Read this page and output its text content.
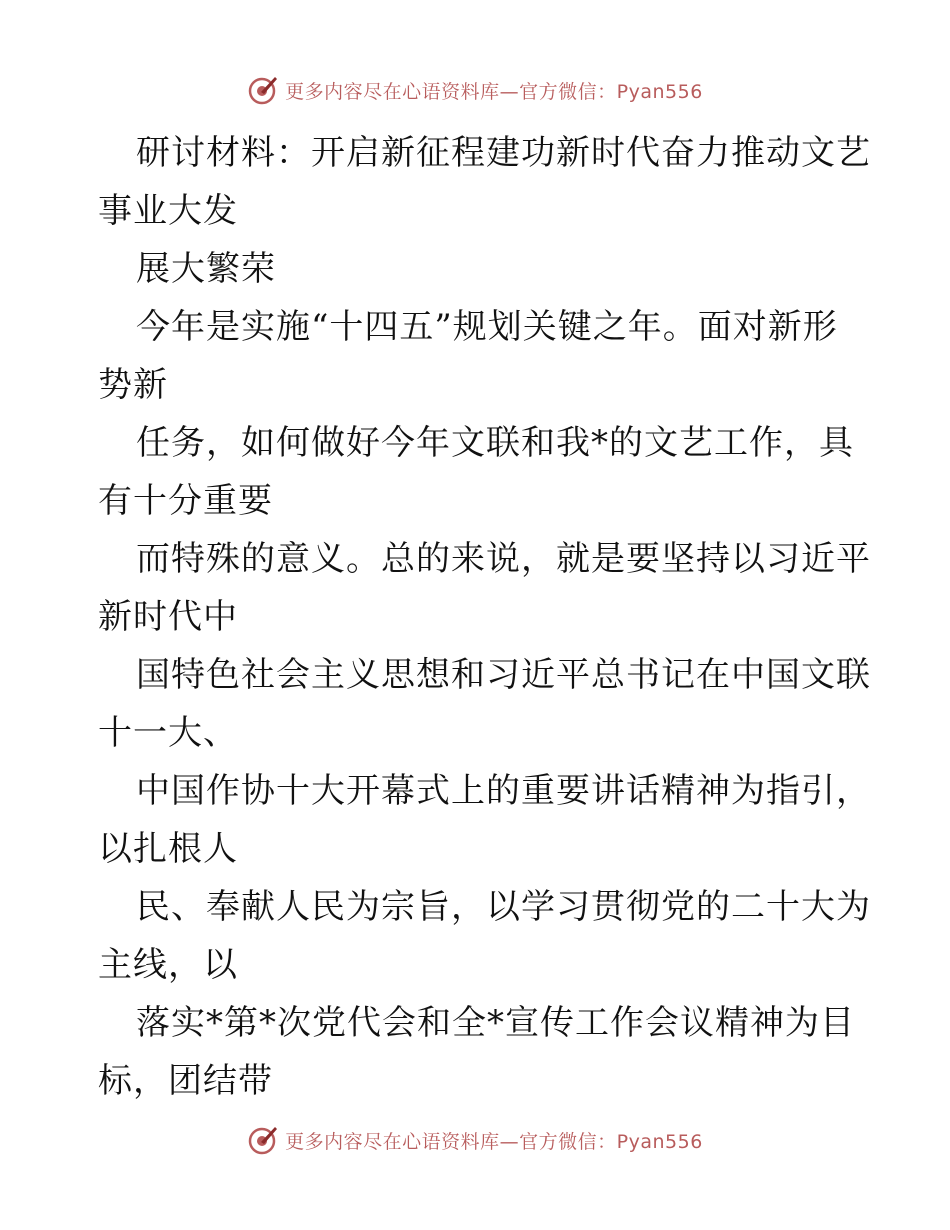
更多内容尽在心语资料库—官方微信：Pyan556
研讨材料：开启新征程建功新时代奋力推动文艺
事业大发
展大繁荣
今年是实施“十四五”规划关键之年。面对新形
势新
任务，如何做好今年文联和我*的文艺工作，具
有十分重要
而特殊的意义。总的来说，就是要坚持以习近平
新时代中
国特色社会主义思想和习近平总书记在中国文联
十一大、
中国作协十大开幕式上的重要讲话精神为指引，
以扎根人
民、奉献人民为宗旨，以学习贯彻党的二十大为
主线，以
落实*第*次党代会和全*宣传工作会议精神为目
标，团结带
更多内容尽在心语资料库—官方微信：Pyan556
